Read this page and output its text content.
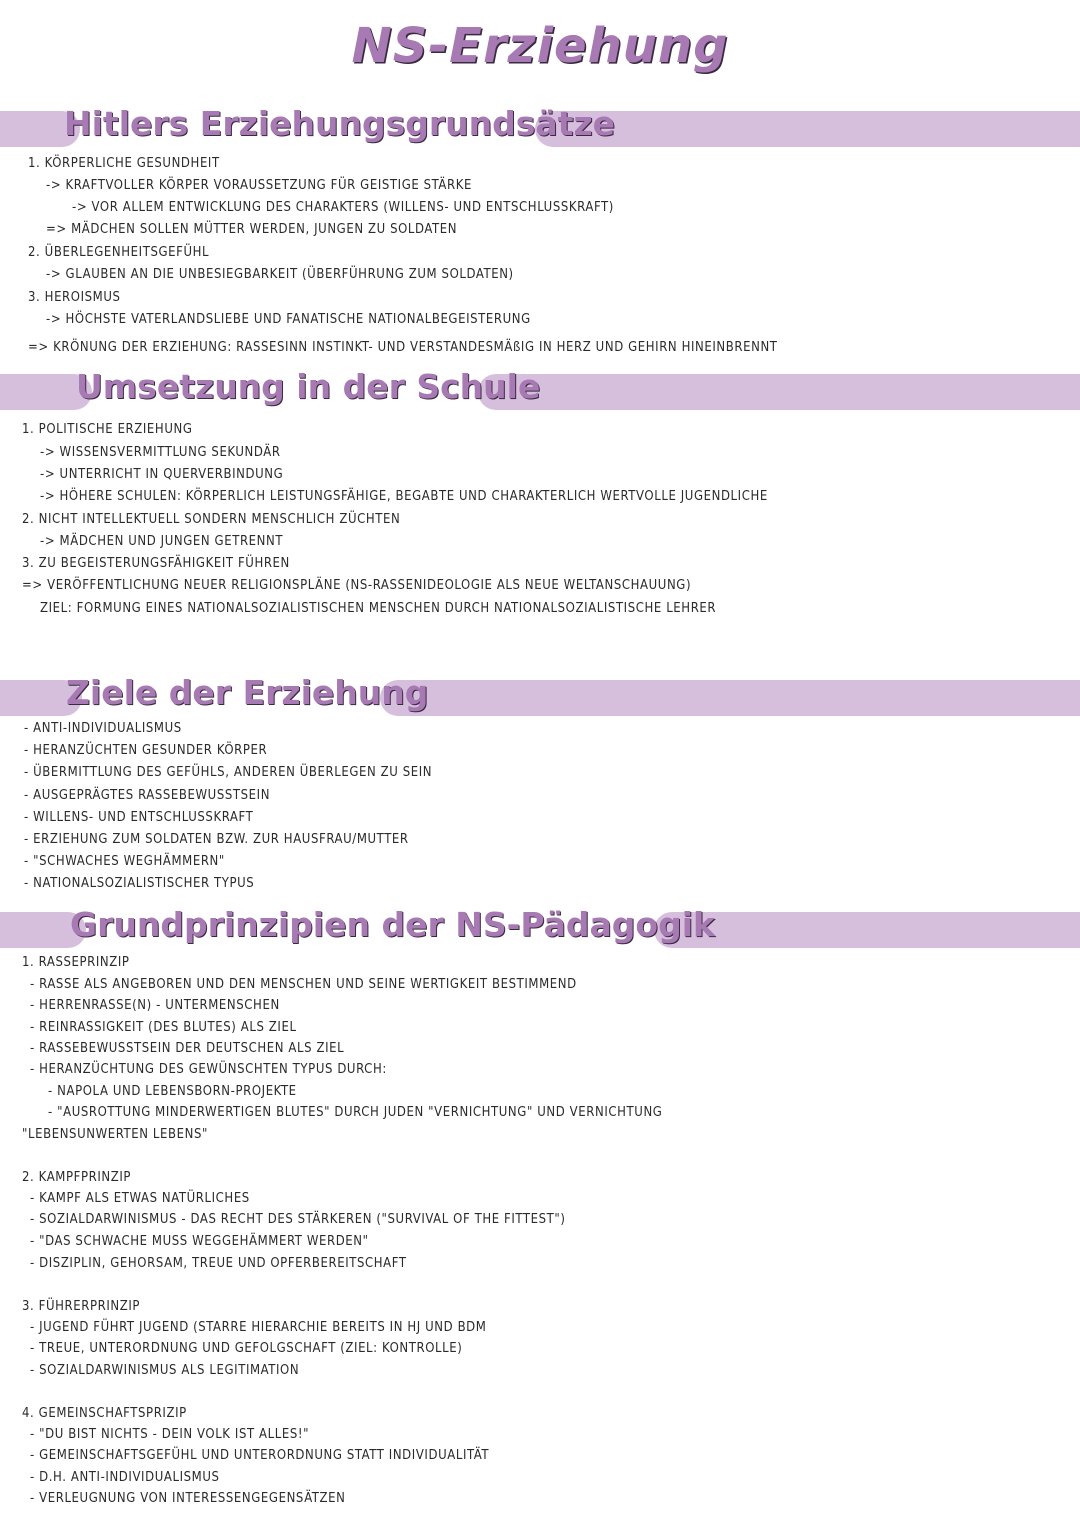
NS-Erziehung
Hitlers Erziehungsgrundsätze
1. KÖRPERLICHE GESUNDHEIT
-> KRAFTVOLLER KÖRPER VORAUSSETZUNG FÜR GEISTIGE STÄRKE
-> VOR ALLEM ENTWICKLUNG DES CHARAKTERS (WILLENS- UND ENTSCHLUSSKRAFT)
=> MÄDCHEN SOLLEN MÜTTER WERDEN, JUNGEN ZU SOLDATEN
2. ÜBERLEGENHEITSGEFÜHL
-> GLAUBEN AN DIE UNBESIEGBARKEIT (ÜBERFÜHRUNG ZUM SOLDATEN)
3. HEROISMUS
-> HÖCHSTE VATERLANDSLIEBE UND FANATISCHE NATIONALBEGEISTERUNG
=> KRÖNUNG DER ERZIEHUNG: RASSESINN INSTINKT- UND VERSTANDESMÄßIG IN HERZ UND GEHIRN HINEINBRENNT
Umsetzung in der Schule
1. POLITISCHE ERZIEHUNG
-> WISSENSVERMITTLUNG SEKUNDÄR
-> UNTERRICHT IN QUERVERBINDUNG
-> HÖHERE SCHULEN: KÖRPERLICH LEISTUNGSFÄHIGE, BEGABTE UND CHARAKTERLICH WERTVOLLE JUGENDLICHE
2. NICHT INTELLEKTUELL SONDERN MENSCHLICH ZÜCHTEN
-> MÄDCHEN UND JUNGEN GETRENNT
3. ZU BEGEISTERUNGSFÄHIGKEIT FÜHREN
=> VERÖFFENTLICHUNG NEUER RELIGIONSPLÄNE (NS-RASSENIDEOLOGIE ALS NEUE WELTANSCHAUUNG)
ZIEL: FORMUNG EINES NATIONALSOZIALISTISCHEN MENSCHEN DURCH NATIONALSOZIALISTISCHE LEHRER
Ziele der Erziehung
- ANTI-INDIVIDUALISMUS
- HERANZÜCHTEN GESUNDER KÖRPER
- ÜBERMITTLUNG DES GEFÜHLS, ANDEREN ÜBERLEGEN ZU SEIN
- AUSGEPRÄGTES RASSEBEWUSSTSEIN
- WILLENS- UND ENTSCHLUSSKRAFT
- ERZIEHUNG ZUM SOLDATEN BZW. ZUR HAUSFRAU/MUTTER
- "SCHWACHES WEGHÄMMERN"
- NATIONALSOZIALISTISCHER TYPUS
Grundprinzipien der NS-Pädagogik
1. RASSEPRINZIP
- RASSE ALS ANGEBOREN UND DEN MENSCHEN UND SEINE WERTIGKEIT BESTIMMEND
- HERRENRASSE(N) - UNTERMENSCHEN
- REINRASSIGKEIT (DES BLUTES) ALS ZIEL
- RASSEBEWUSSTSEIN DER DEUTSCHEN ALS ZIEL
- HERANZÜCHTUNG DES GEWÜNSCHTEN TYPUS DURCH:
- NAPOLA UND LEBENSBORN-PROJEKTE
- "AUSROTTUNG MINDERWERTIGEN BLUTES" DURCH JUDEN "VERNICHTUNG" UND VERNICHTUNG
"LEBENSUNWERTEN LEBENS"
2. KAMPFPRINZIP
- KAMPF ALS ETWAS NATÜRLICHES
- SOZIALDARWINISMUS - DAS RECHT DES STÄRKEREN ("SURVIVAL OF THE FITTEST")
- "DAS SCHWACHE MUSS WEGGEHÄMMERT WERDEN"
- DISZIPLIN, GEHORSAM, TREUE UND OPFERBEREITSCHAFT
3. FÜHRERPRINZIP
- JUGEND FÜHRT JUGEND (STARRE HIERARCHIE BEREITS IN HJ UND BDM
- TREUE, UNTERORDNUNG UND GEFOLGSCHAFT (ZIEL: KONTROLLE)
- SOZIALDARWINISMUS ALS LEGITIMATION
4. GEMEINSCHAFTSPRIZIP
- "DU BIST NICHTS - DEIN VOLK IST ALLES!"
- GEMEINSCHAFTSGEFÜHL UND UNTERORDNUNG STATT INDIVIDUALITÄT
- D.H. ANTI-INDIVIDUALISMUS
- VERLEUGNUNG VON INTERESSENGEGENSÄTZEN
